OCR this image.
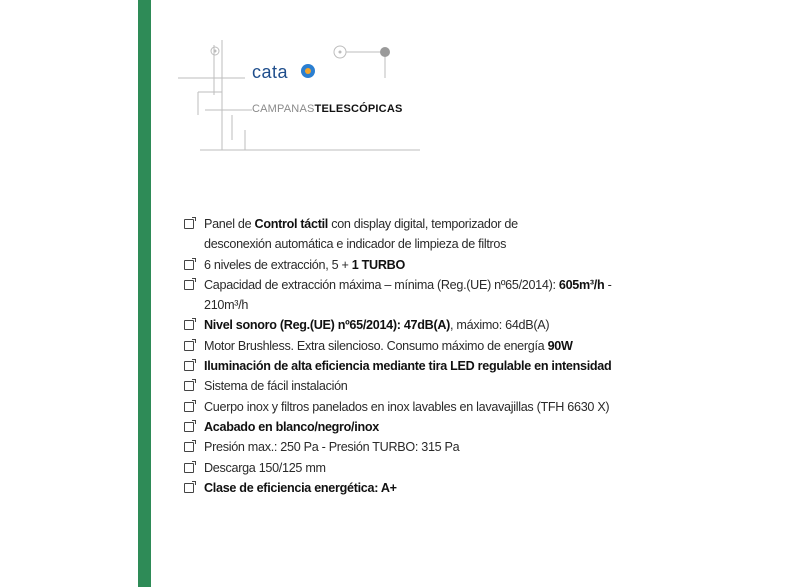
cata
CAMPANASTELESCÓPICAS
Panel de Control táctil con display digital, temporizador de
desconexión automática e indicador de limpieza de filtros
6 niveles de extracción, 5 + 1 TURBO
Capacidad de extracción máxima – mínima (Reg.(UE) nº65/2014): 605m³/h - 210m³/h
Nivel sonoro (Reg.(UE) nº65/2014): 47dB(A), máximo: 64dB(A)
Motor Brushless. Extra silencioso. Consumo máximo de energía 90W
Iluminación de alta eficiencia mediante tira LED regulable en intensidad
Sistema de fácil instalación
Cuerpo inox y filtros panelados en inox lavables en lavavajillas (TFH 6630 X)
Acabado en blanco/negro/inox
Presión max.: 250 Pa - Presión TURBO: 315 Pa
Descarga 150/125 mm
Clase de eficiencia energética: A+
